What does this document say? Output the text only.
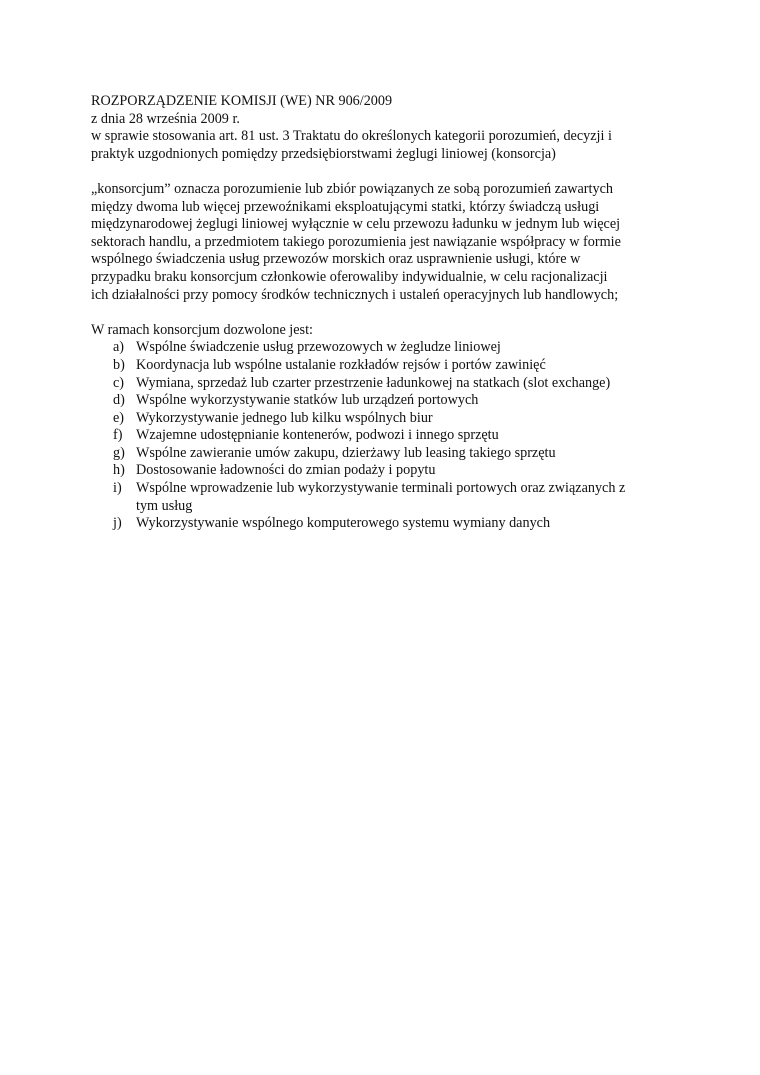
ROZPORZĄDZENIE KOMISJI (WE) NR 906/2009

z dnia 28 września 2009 r.

w sprawie stosowania art. 81 ust. 3 Traktatu do określonych kategorii porozumień, decyzji i

praktyk uzgodnionych pomiędzy przedsiębiorstwami żeglugi liniowej (konsorcja)

„konsorcjum” oznacza porozumienie lub zbiór powiązanych ze sobą porozumień zawartych

między dwoma lub więcej przewoźnikami eksploatującymi statki, którzy świadczą usługi

międzynarodowej żeglugi liniowej wyłącznie w celu przewozu ładunku w jednym lub więcej

sektorach handlu, a przedmiotem takiego porozumienia jest nawiązanie współpracy w formie

wspólnego świadczenia usług przewozów morskich oraz usprawnienie usługi, które w

przypadku braku konsorcjum członkowie oferowaliby indywidualnie, w celu racjonalizacji

ich działalności przy pomocy środków technicznych i ustaleń operacyjnych lub handlowych;

W ramach konsorcjum dozwolone jest:

a) Wspólne świadczenie usług przewozowych w żegludze liniowej
b) Koordynacja lub wspólne ustalanie rozkładów rejsów i portów zawinięć
c) Wymiana, sprzedaż lub czarter przestrzenie ładunkowej na statkach (slot exchange)
d) Wspólne wykorzystywanie statków lub urządzeń portowych
e) Wykorzystywanie jednego lub kilku wspólnych biur
f) Wzajemne udostępnianie kontenerów, podwozi i innego sprzętu
g) Wspólne zawieranie umów zakupu, dzierżawy lub leasing takiego sprzętu
h) Dostosowanie ładowności do zmian podaży i popytu
i) Wspólne wprowadzenie lub wykorzystywanie terminali portowych oraz związanych z
tym usług
j) Wykorzystywanie wspólnego komputerowego systemu wymiany danych
